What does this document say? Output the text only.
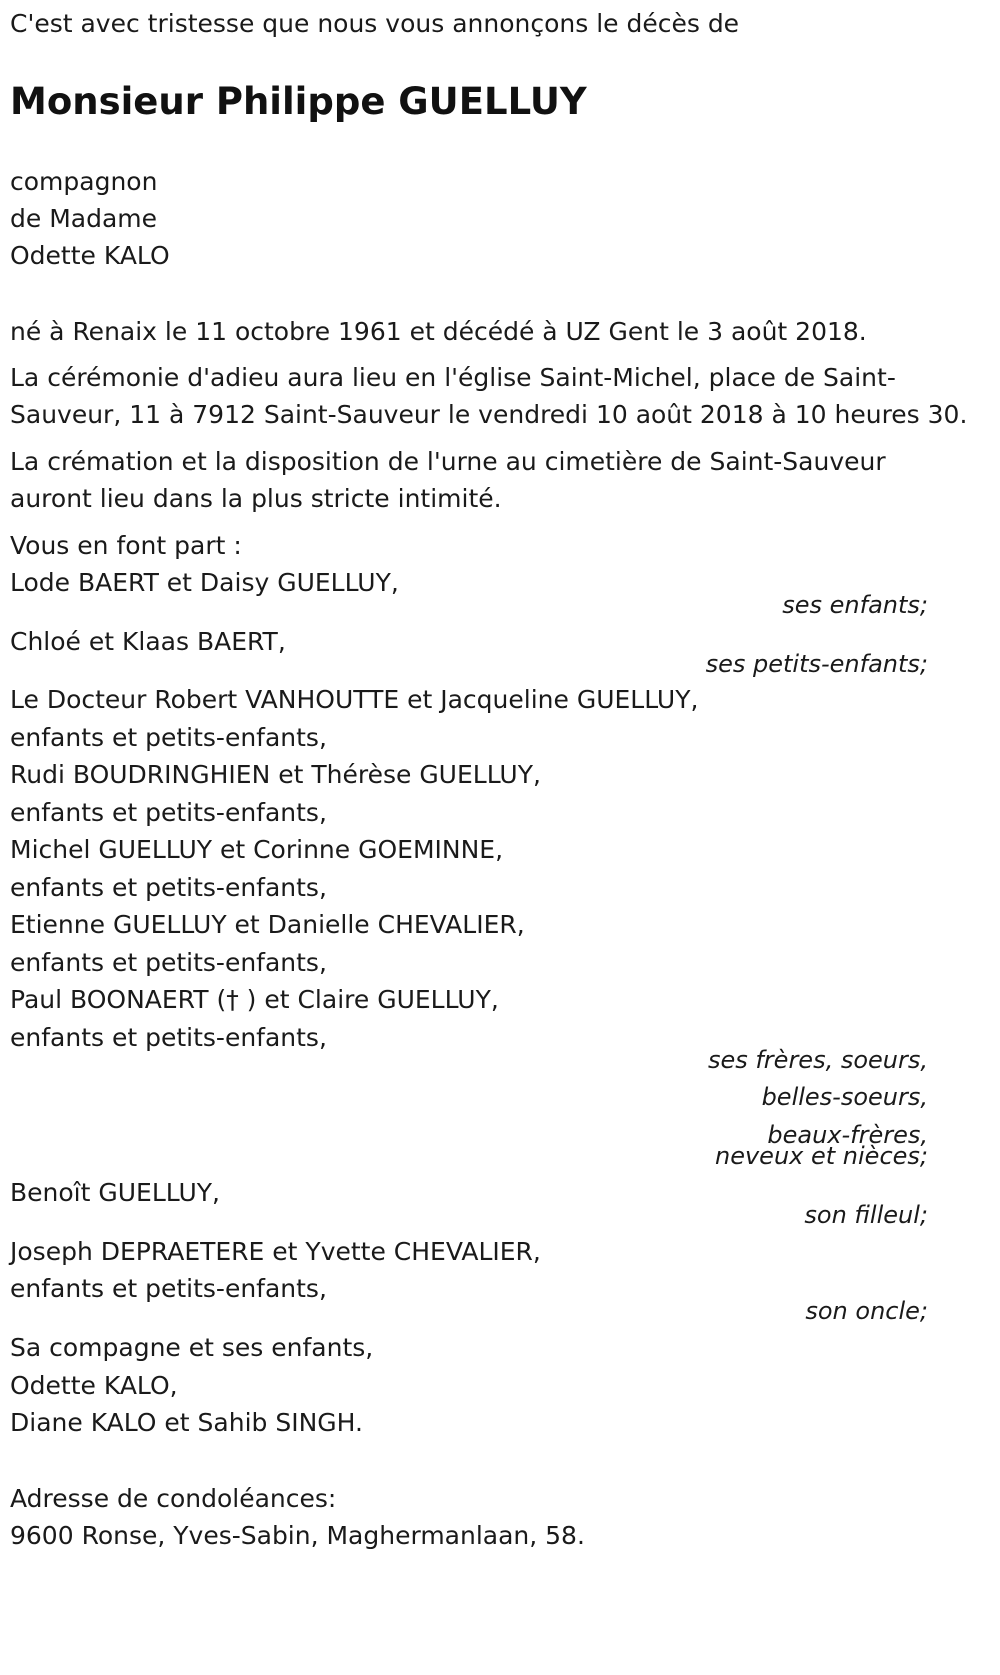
C'est avec tristesse que nous vous annonçons le décès de
Monsieur Philippe GUELLUY
compagnon
de Madame
Odette KALO
né à Renaix le 11 octobre 1961 et décédé à UZ Gent le 3 août 2018.
La cérémonie d'adieu aura lieu en l'église Saint-Michel, place de Saint-
Sauveur, 11 à 7912 Saint-Sauveur le vendredi 10 août 2018 à 10 heures 30.
La crémation et la disposition de l'urne au cimetière de Saint-Sauveur
auront lieu dans la plus stricte intimité.
Vous en font part :
Lode BAERT et Daisy GUELLUY,
ses enfants;
Chloé et Klaas BAERT,
ses petits-enfants;
Le Docteur Robert VANHOUTTE et Jacqueline GUELLUY,
enfants et petits-enfants,
Rudi BOUDRINGHIEN et Thérèse GUELLUY,
enfants et petits-enfants,
Michel GUELLUY et Corinne GOEMINNE,
enfants et petits-enfants,
Etienne GUELLUY et Danielle CHEVALIER,
enfants et petits-enfants,
Paul BOONAERT († ) et Claire GUELLUY,
enfants et petits-enfants,
ses frères, soeurs,
belles-soeurs,
beaux-frères,
neveux et nièces;
Benoît GUELLUY,
son filleul;
Joseph DEPRAETERE et Yvette CHEVALIER,
enfants et petits-enfants,
son oncle;
Sa compagne et ses enfants,
Odette KALO,
Diane KALO et Sahib SINGH.
Adresse de condoléances:
9600 Ronse, Yves-Sabin, Maghermanlaan, 58.
